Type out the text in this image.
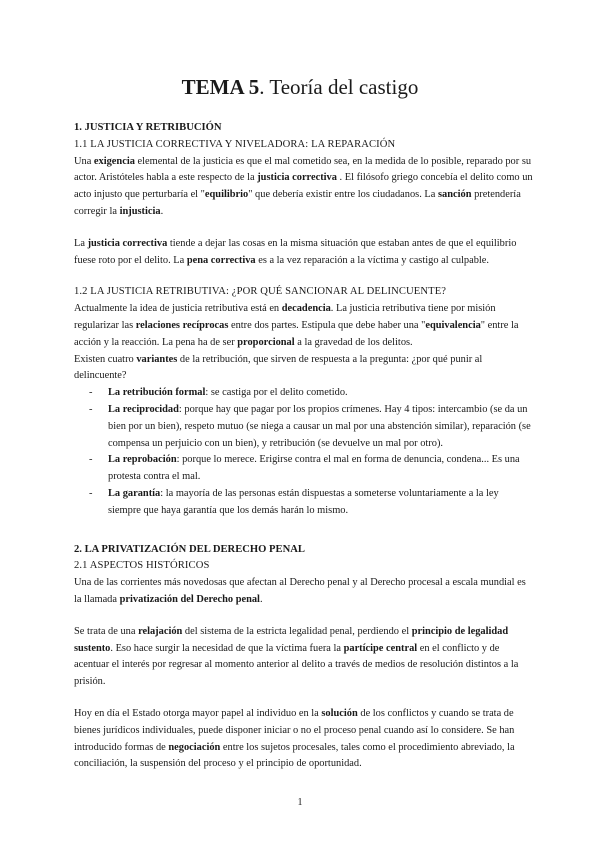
TEMA 5. Teoría del castigo

1. JUSTICIA Y RETRIBUCIÓN

1.1 LA JUSTICIA CORRECTIVA Y NIVELADORA: LA REPARACIÓN

Una exigencia elemental de la justicia es que el mal cometido sea, en la medida de lo posible, reparado por su actor. Aristóteles habla a este respecto de la justicia correctiva . El filósofo griego concebía el delito como un acto injusto que perturbaría el "equilibrio" que debería existir entre los ciudadanos. La sanción pretendería corregir la injusticia.

La justicia correctiva tiende a dejar las cosas en la misma situación que estaban antes de que el equilibrio fuese roto por el delito. La pena correctiva es a la vez reparación a la víctima y castigo al culpable.

1.2 LA JUSTICIA RETRIBUTIVA: ¿POR QUÉ SANCIONAR AL DELINCUENTE?

Actualmente la idea de justicia retributiva está en decadencia. La justicia retributiva tiene por misión regularizar las relaciones recíprocas entre dos partes. Estipula que debe haber una "equivalencia" entre la acción y la reacción. La pena ha de ser proporcional a la gravedad de los delitos.

Existen cuatro variantes de la retribución, que sirven de respuesta a la pregunta: ¿por qué punir al delincuente?

- La retribución formal: se castiga por el delito cometido.
- La reciprocidad: porque hay que pagar por los propios crímenes. Hay 4 tipos: intercambio (se da un bien por un bien), respeto mutuo (se niega a causar un mal por una abstención similar), reparación (se compensa un perjuicio con un bien), y retribución (se devuelve un mal por otro).
- La reprobación: porque lo merece. Erigirse contra el mal en forma de denuncia, condena... Es una protesta contra el mal.
- La garantía: la mayoría de las personas están dispuestas a someterse voluntariamente a la ley siempre que haya garantía que los demás harán lo mismo.

2. LA PRIVATIZACIÓN DEL DERECHO PENAL

2.1 ASPECTOS HISTÓRICOS

Una de las corrientes más novedosas que afectan al Derecho penal y al Derecho procesal a escala mundial es la llamada privatización del Derecho penal.

Se trata de una relajación del sistema de la estricta legalidad penal, perdiendo el principio de legalidad sustento. Eso hace surgir la necesidad de que la víctima fuera la partícipe central en el conflicto y de acentuar el interés por regresar al momento anterior al delito a través de medios de resolución distintos a la prisión.

Hoy en día el Estado otorga mayor papel al individuo en la solución de los conflictos y cuando se trata de bienes jurídicos individuales, puede disponer iniciar o no el proceso penal cuando así lo considere. Se han introducido formas de negociación entre los sujetos procesales, tales como el procedimiento abreviado, la conciliación, la suspensión del proceso y el principio de oportunidad.

1
